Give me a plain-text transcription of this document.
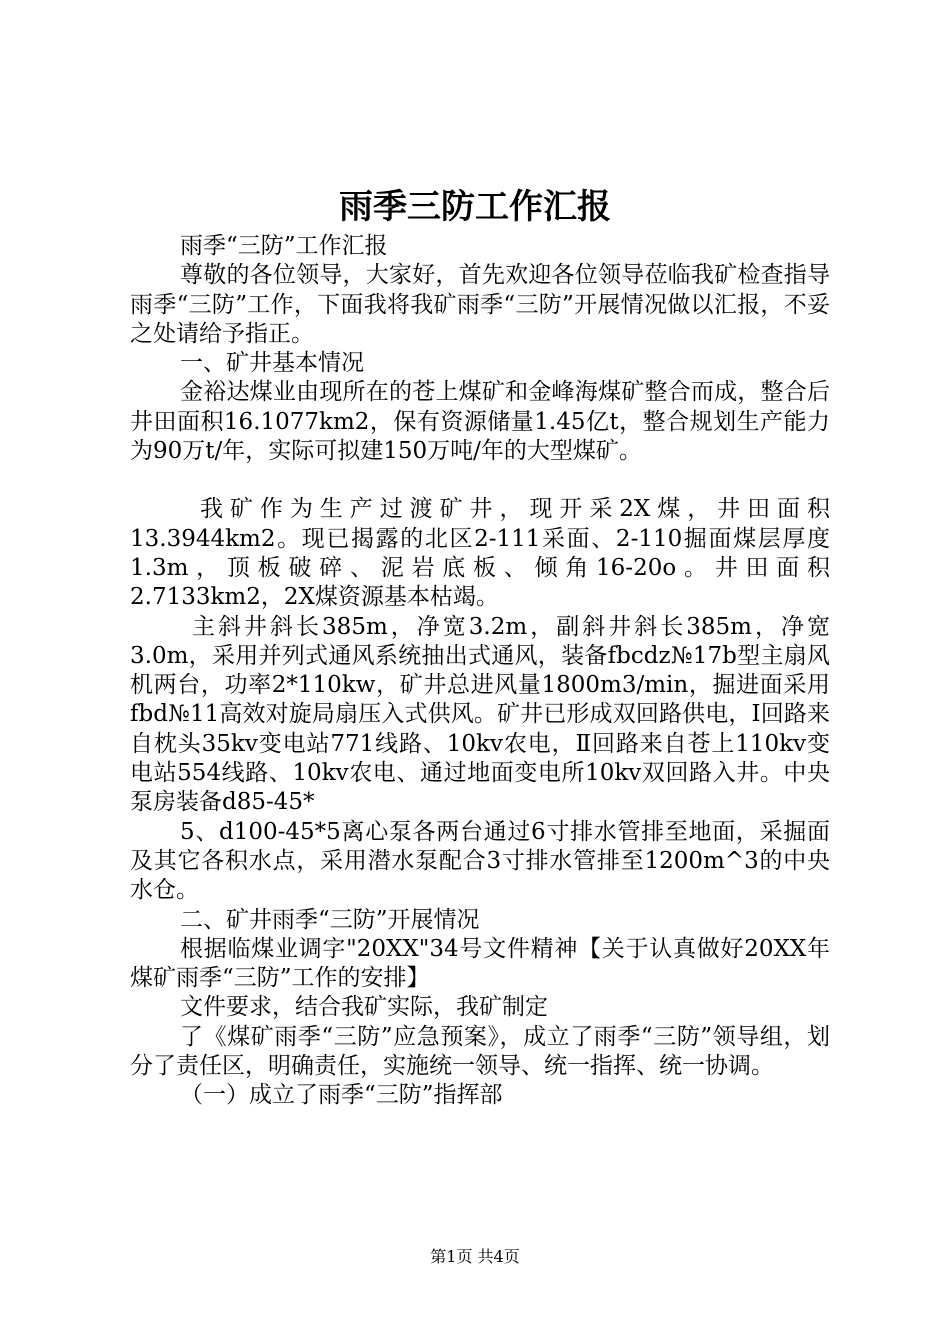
雨季三防工作汇报

雨季“三防”工作汇报

尊敬的各位领导，大家好，首先欢迎各位领导莅临我矿检查指导雨季“三防”工作，下面我将我矿雨季“三防”开展情况做以汇报，不妥之处请给予指正。

一、矿井基本情况

金裕达煤业由现所在的苍上煤矿和金峰海煤矿整合而成，整合后井田面积16.1077km2，保有资源储量1.45亿t，整合规划生产能力为90万t/年，实际可拟建150万吨/年的大型煤矿。

我矿作为生产过渡矿井，现开采2X煤，井田面积13.3944km2。现已揭露的北区2-111采面、2-110掘面煤层厚度1.3m，顶板破碎、泥岩底板、倾角16-20o。井田面积2.7133km2，2X煤资源基本枯竭。

主斜井斜长385m，净宽3.2m，副斜井斜长385m，净宽3.0m，采用并列式通风系统抽出式通风，装备fbcdz№17b型主扇风机两台，功率2*110kw，矿井总进风量1800m3/min，掘进面采用fbd№11高效对旋局扇压入式供风。矿井已形成双回路供电，Ⅰ回路来自枕头35kv变电站771线路、10kv农电，Ⅱ回路来自苍上110kv变电站554线路、10kv农电、通过地面变电所10kv双回路入井。中央泵房装备d85-45*

5、d100-45*5离心泵各两台通过6寸排水管排至地面，采掘面及其它各积水点，采用潜水泵配合3寸排水管排至1200m^3的中央水仓。

二、矿井雨季“三防”开展情况

根据临煤业调字"20XX"34号文件精神【关于认真做好20XX年煤矿雨季“三防”工作的安排】

文件要求，结合我矿实际，我矿制定

了《煤矿雨季“三防”应急预案》，成立了雨季“三防”领导组，划分了责任区，明确责任，实施统一领导、统一指挥、统一协调。

（一）成立了雨季“三防”指挥部

第1页 共4页
